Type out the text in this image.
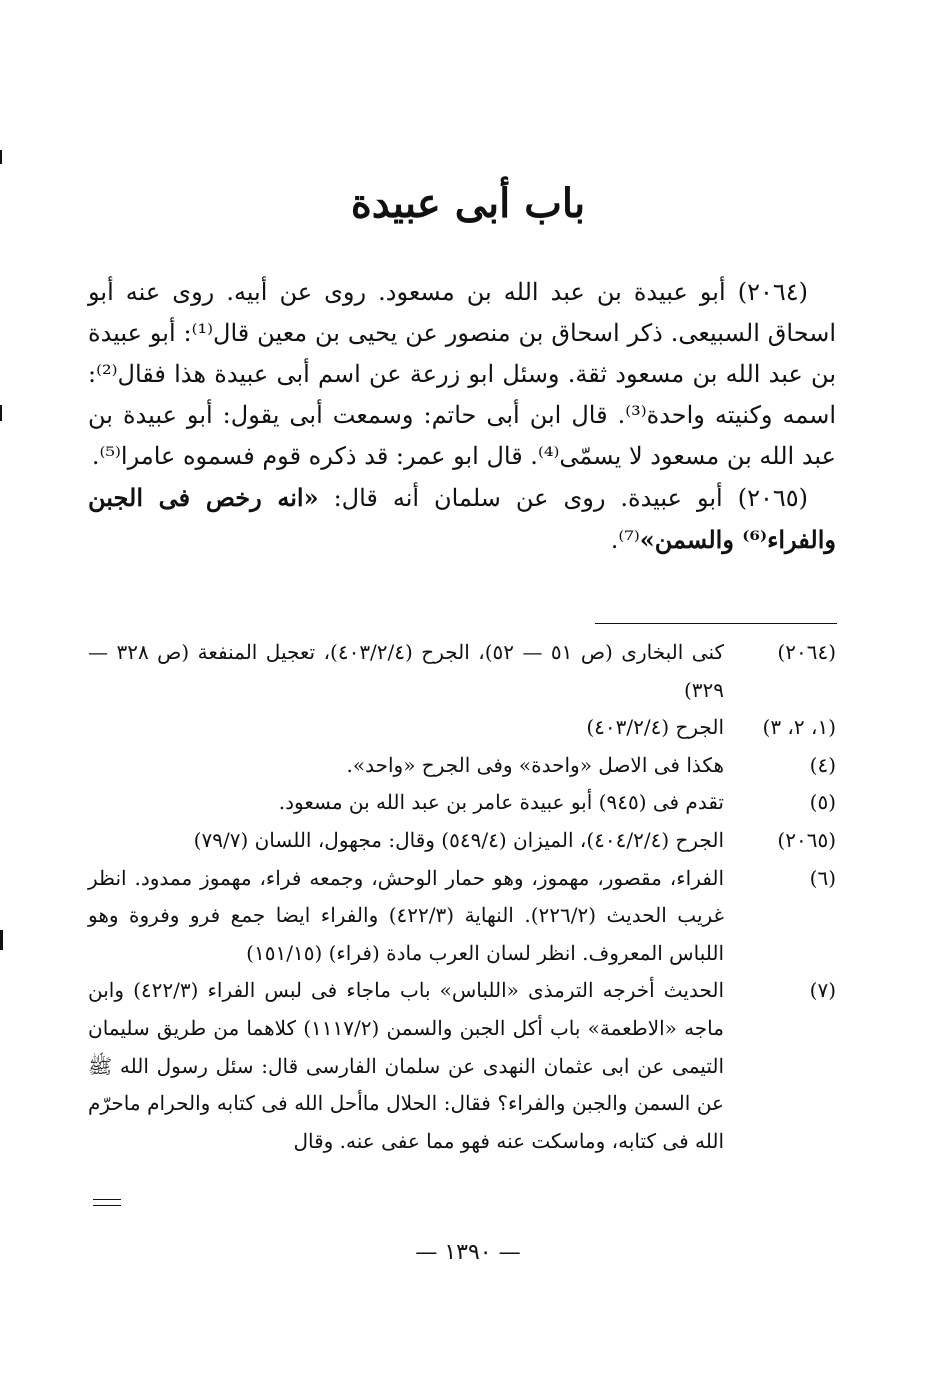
باب أبى عبيدة

(٢٠٦٤) أبو عبيدة بن عبد الله بن مسعود. روى عن أبيه. روى عنه أبو اسحاق السبيعى. ذكر اسحاق بن منصور عن يحيى بن معين قال⁽¹⁾: أبو عبيدة بن عبد الله بن مسعود ثقة. وسئل ابو زرعة عن اسم أبى عبيدة هذا فقال⁽²⁾: اسمه وكنيته واحدة⁽³⁾. قال ابن أبى حاتم: وسمعت أبى يقول: أبو عبيدة بن عبد الله بن مسعود لا يسمّى⁽⁴⁾. قال ابو عمر: قد ذكره قوم فسموه عامرا⁽⁵⁾.

(٢٠٦٥) أبو عبيدة. روى عن سلمان أنه قال: «انه رخص فى الجبن والفراء⁽⁶⁾ والسمن»⁽⁷⁾.

(٢٠٦٤)
كنى البخارى (ص ٥١ — ٥٢)، الجرح (٤٠٣/٢/٤)، تعجيل المنفعة (ص ٣٢٨ — ٣٢٩)
(١، ٢، ٣)
الجرح (٤٠٣/٢/٤)
(٤)
هكذا فى الاصل «واحدة» وفى الجرح «واحد».
(٥)
تقدم فى (٩٤٥) أبو عبيدة عامر بن عبد الله بن مسعود.
(٢٠٦٥)
الجرح (٤٠٤/٢/٤)، الميزان (٥٤٩/٤) وقال: مجهول، اللسان (٧٩/٧)
(٦)
الفراء، مقصور، مهموز، وهو حمار الوحش، وجمعه فراء، مهموز ممدود. انظر غريب الحديث (٢٢٦/٢). النهاية (٤٢٢/٣) والفراء ايضا جمع فرو وفروة وهو اللباس المعروف. انظر لسان العرب مادة (فراء) (١٥١/١٥)
(٧)
الحديث أخرجه الترمذى «اللباس» باب ماجاء فى لبس الفراء (٤٢٢/٣) وابن ماجه «الاطعمة» باب أكل الجبن والسمن (١١١٧/٢) كلاهما من طريق سليمان التيمى عن ابى عثمان النهدى عن سلمان الفارسى قال: سئل رسول الله ﷺ عن السمن والجبن والفراء؟ فقال: الحلال ماأحل الله فى كتابه والحرام ماحرّم الله فى كتابه، وماسكت عنه فهو مما عفى عنه. وقال
— ١٣٩٠ —
